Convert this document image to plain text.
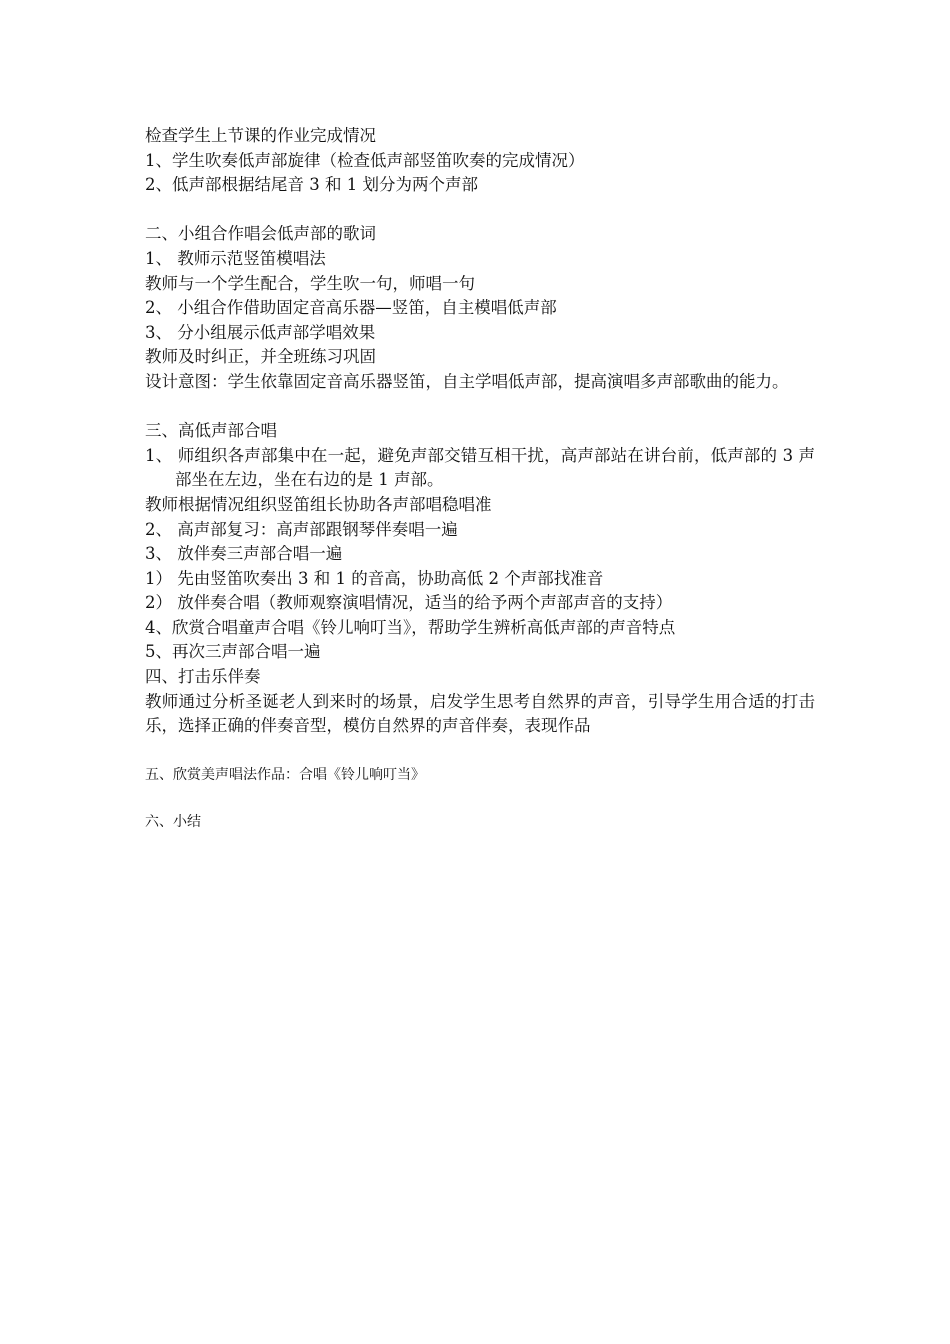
检查学生上节课的作业完成情况
1、学生吹奏低声部旋律（检查低声部竖笛吹奏的完成情况）
2、低声部根据结尾音 3 和 1 划分为两个声部
二、小组合作唱会低声部的歌词
1、 教师示范竖笛模唱法
教师与一个学生配合，学生吹一句，师唱一句
2、 小组合作借助固定音高乐器—竖笛，自主模唱低声部
3、 分小组展示低声部学唱效果
教师及时纠正，并全班练习巩固
设计意图：学生依靠固定音高乐器竖笛，自主学唱低声部，提高演唱多声部歌曲的能力。
三、高低声部合唱
1、 师组织各声部集中在一起，避免声部交错互相干扰，高声部站在讲台前，低声部的 3 声部坐在左边，坐在右边的是 1 声部。
教师根据情况组织竖笛组长协助各声部唱稳唱准
2、 高声部复习：高声部跟钢琴伴奏唱一遍
3、 放伴奏三声部合唱一遍
1） 先由竖笛吹奏出 3 和 1 的音高，协助高低 2 个声部找准音
2） 放伴奏合唱（教师观察演唱情况，适当的给予两个声部声音的支持）
4、欣赏合唱童声合唱《铃儿响叮当》，帮助学生辨析高低声部的声音特点
5、再次三声部合唱一遍
四、打击乐伴奏
教师通过分析圣诞老人到来时的场景，启发学生思考自然界的声音，引导学生用合适的打击乐，选择正确的伴奏音型，模仿自然界的声音伴奏，表现作品
五、欣赏美声唱法作品：合唱《铃儿响叮当》
六、小结
